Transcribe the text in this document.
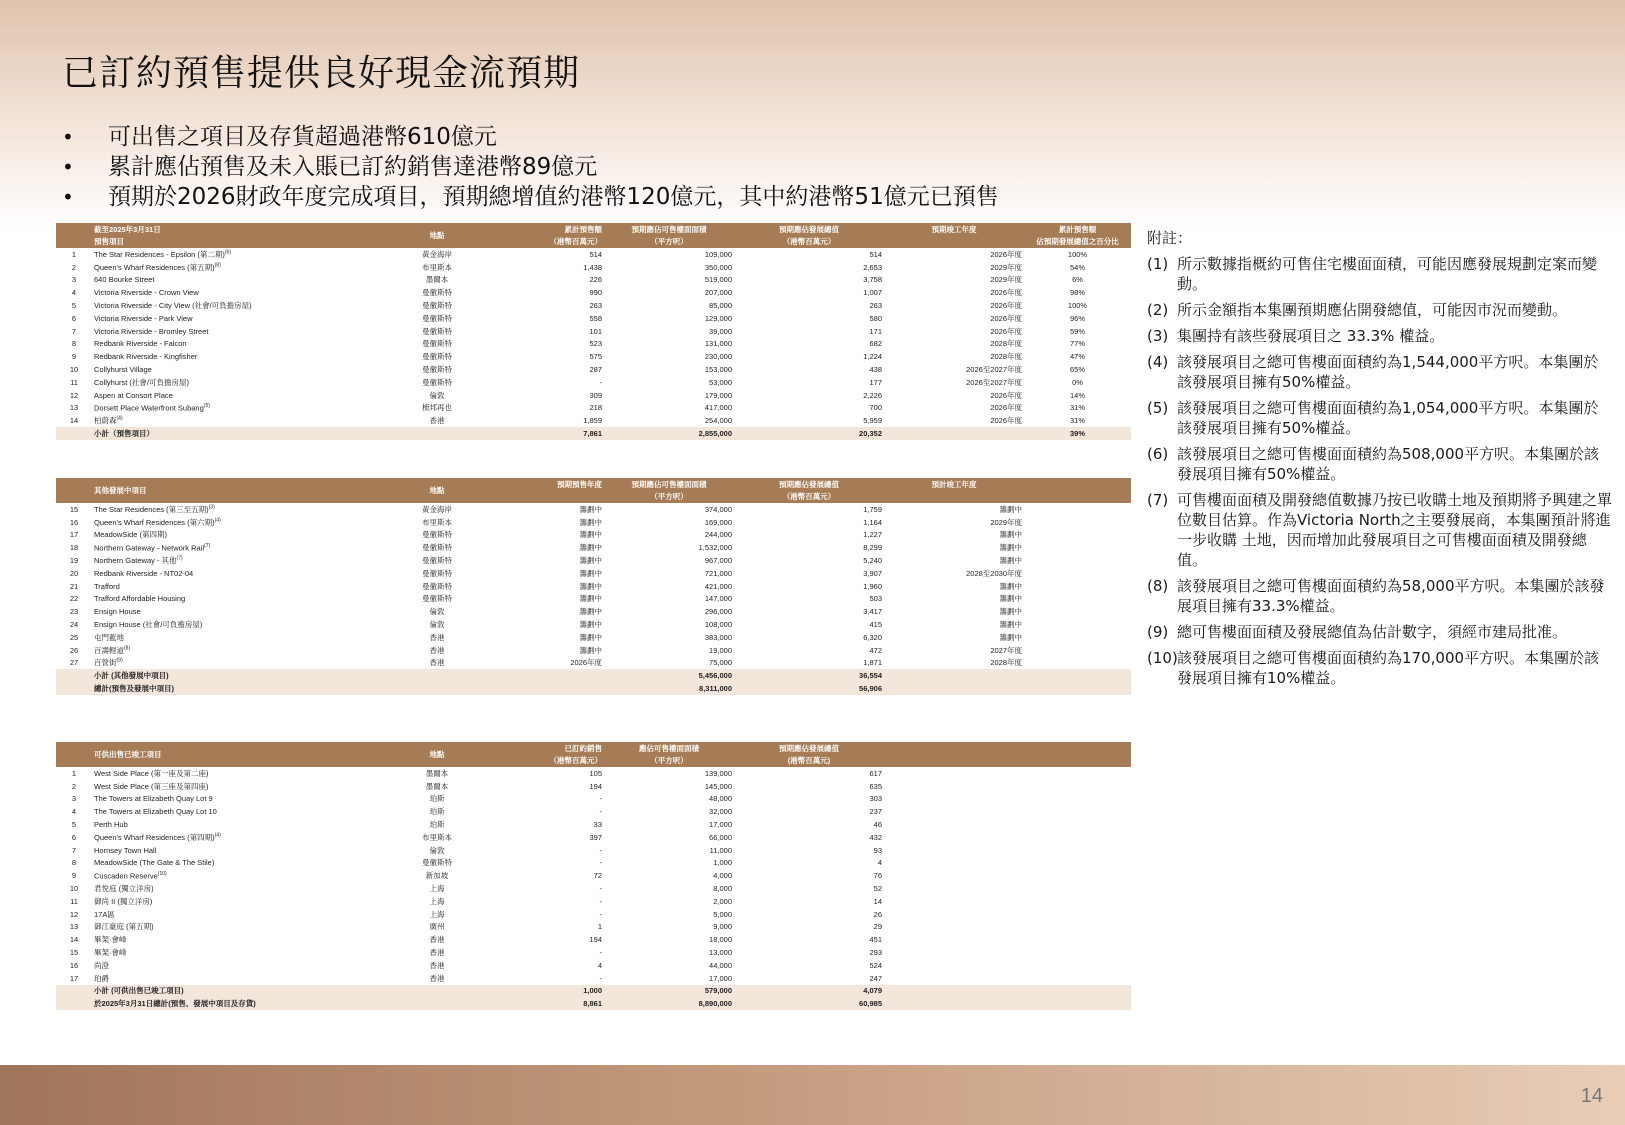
已訂約預售提供良好現金流預期
• 可出售之項目及存貨超過港幣610億元
• 累計應佔預售及未入賬已訂約銷售達港幣89億元
• 預期於2026財政年度完成項目，預期總增值約港幣120億元，其中約港幣51億元已預售
	截至2025年3月31日	地點	累計預售額	預期應佔可售樓面面積	預期應佔發展總值	預期竣工年度	累計預售額
	預售項目		（港幣百萬元）	（平方呎）	（港幣百萬元）		佔預期發展總值之百分比
1	The Star Residences - Epsilon (第二期)$^{(6)}$	黃金海岸	514	109,000	514	2026年度	100%
2	Queen's Wharf Residences (第五期)$^{(8)}$	布里斯本	1,438	350,000	2,653	2029年度	54%
3	640 Bourke Street	墨爾本	226	519,000	3,758	2029年度	6%
4	Victoria Riverside - Crown View	曼徹斯特	990	207,000	1,007	2026年度	98%
5	Victoria Riverside - City View (社會/可負擔房屋)	曼徹斯特	263	85,000	263	2026年度	100%
6	Victoria Riverside - Park View	曼徹斯特	558	129,000	580	2026年度	96%
7	Victoria Riverside - Bromley Street	曼徹斯特	101	39,000	171	2026年度	59%
8	Redbank Riverside - Falcon	曼徹斯特	523	131,000	682	2028年度	77%
9	Redbank Riverside - Kingfisher	曼徹斯特	575	230,000	1,224	2028年度	47%
10	Collyhurst Village	曼徹斯特	287	153,000	438	2026至2027年度	65%
11	Collyhurst (社會/可負擔房屋)	曼徹斯特	-	53,000	177	2026至2027年度	0%
12	Aspen at Consort Place	倫敦	309	179,000	2,226	2026年度	14%
13	Dorsett Place Waterfront Subang$^{(5)}$	梳邦再也	218	417,000	700	2026年度	31%
14	柏蔚森$^{(4)}$	香港	1,859	254,000	5,959	2026年度	31%
	小計（預售項目）		7,861	2,855,000	20,352		39%
	其他發展中項目	地點	預期預售年度	預期應佔可售樓面面積	預期應佔發展總值	預計竣工年度	
				（平方呎）	（港幣百萬元）		
15	The Star Residences (第三至五期)$^{(3)}$	黃金海岸	籌劃中	374,000	1,759	籌劃中	
16	Queen's Wharf Residences (第六期)$^{(4)}$	布里斯本	籌劃中	169,000	1,164	2029年度	
17	MeadowSide (第四期)	曼徹斯特	籌劃中	244,000	1,227	籌劃中	
18	Northern Gateway - Network Rail$^{(7)}$	曼徹斯特	籌劃中	1,532,000	8,299	籌劃中	
19	Northern Gateway - 其他$^{(7)}$	曼徹斯特	籌劃中	967,000	5,240	籌劃中	
20	Redbank Riverside - NT02-04	曼徹斯特	籌劃中	721,000	3,907	2028至2030年度	
21	Trafford	曼徹斯特	籌劃中	421,000	1,960	籌劃中	
22	Trafford Affordable Housing	曼徹斯特	籌劃中	147,000	503	籌劃中	
23	Ensign House	倫敦	籌劃中	296,000	3,417	籌劃中	
24	Ensign House (社會/可負擔房屋)	倫敦	籌劃中	108,000	415	籌劃中	
25	屯門藍地	香港	籌劃中	383,000	6,320	籌劃中	
26	百壽輕道$^{(8)}$	香港	籌劃中	19,000	472	2027年度	
27	百營街$^{(9)}$	香港	2026年度	75,000	1,871	2028年度	
	小計 (其他發展中項目)			5,456,000	36,554		
	總計(預售及發展中項目)			8,311,000	56,906		
	可供出售已竣工項目	地點	已訂約銷售	應佔可售樓面面積	預期應佔發展總值		
			（港幣百萬元）	（平方呎）	(港幣百萬元)		
1	West Side Place (第一座及第二座)	墨爾本	105	139,000	617		
2	West Side Place (第三座及第四座)	墨爾本	194	145,000	635		
3	The Towers at Elizabeth Quay Lot 9	珀斯	-	48,000	303		
4	The Towers at Elizabeth Quay Lot 10	珀斯	-	32,000	237		
5	Perth Hub	珀斯	33	17,000	46		
6	Queen's Wharf Residences (第四期)$^{(4)}$	布里斯本	397	66,000	432		
7	Hornsey Town Hall	倫敦	-	11,000	93		
8	MeadowSide (The Gate & The Stile)	曼徹斯特	-	1,000	4		
9	Cuscaden Reserve$^{(10)}$	新加坡	72	4,000	76		
10	君悅庭 (獨立洋房)	上海	-	8,000	52		
11	御尚 II (獨立洋房)	上海	-	2,000	14		
12	17A區	上海	-	5,000	26		
13	御江豪庭 (第五期)	廣州	1	9,000	29		
14	畢架·會峰	香港	194	18,000	451		
15	畢架·會峰	香港	-	13,000	293		
16	尚澄	香港	4	44,000	524		
17	珀爵	香港	-	17,000	247		
	小計 (可供出售已竣工項目)		1,000	579,000	4,079		
	於2025年3月31日總計(預售、發展中項目及存貨)		8,861	8,890,000	60,985		
附註：
(1) 所示數據指概約可售住宅樓面面積，可能因應發展規劃定案而變動。
(2) 所示金額指本集團預期應佔開發總值，可能因市況而變動。
(3) 集團持有該些發展項目之 33.3% 權益。
(4) 該發展項目之總可售樓面面積約為1,544,000平方呎。本集團於該發展項目擁有50%權益。
(5) 該發展項目之總可售樓面面積約為1,054,000平方呎。本集團於該發展項目擁有50%權益。
(6) 該發展項目之總可售樓面面積約為508,000平方呎。本集團於該發展項目擁有50%權益。
(7) 可售樓面面積及開發總值數據乃按已收購土地及預期將予興建之單位數目估算。作為Victoria North之主要發展商，本集團預計將進一步收購 土地，因而增加此發展項目之可售樓面面積及開發總值。
(8) 該發展項目之總可售樓面面積約為58,000平方呎。本集團於該發展項目擁有33.3%權益。
(9) 總可售樓面面積及發展總值為估計數字，須經市建局批准。
(10) 該發展項目之總可售樓面面積約為170,000平方呎。本集團於該發展項目擁有10%權益。
14
